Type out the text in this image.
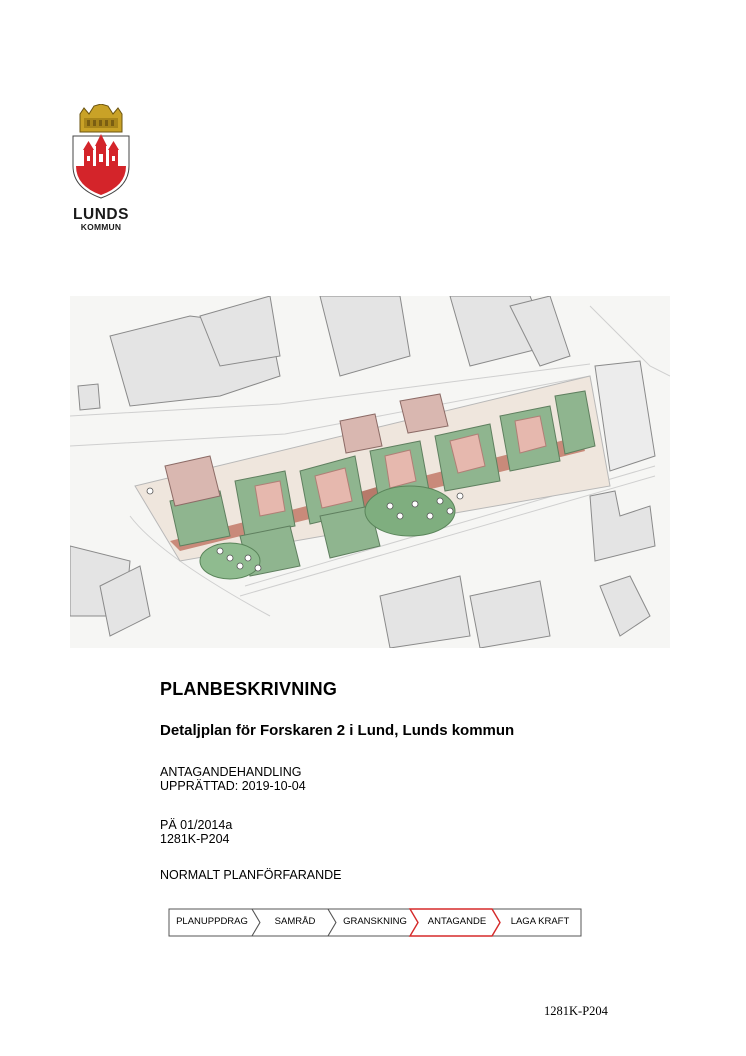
LUNDS
KOMMUN
PLANBESKRIVNING
Detaljplan för Forskaren 2 i Lund, Lunds kommun
ANTAGANDEHANDLING
UPPRÄTTAD: 2019-10-04
PÄ 01/2014a
1281K-P204
NORMALT PLANFÖRFARANDE
PLANUPPDRAG	SAMRÅD	GRANSKNING	ANTAGANDE	LAGA KRAFT
1281K-P204
